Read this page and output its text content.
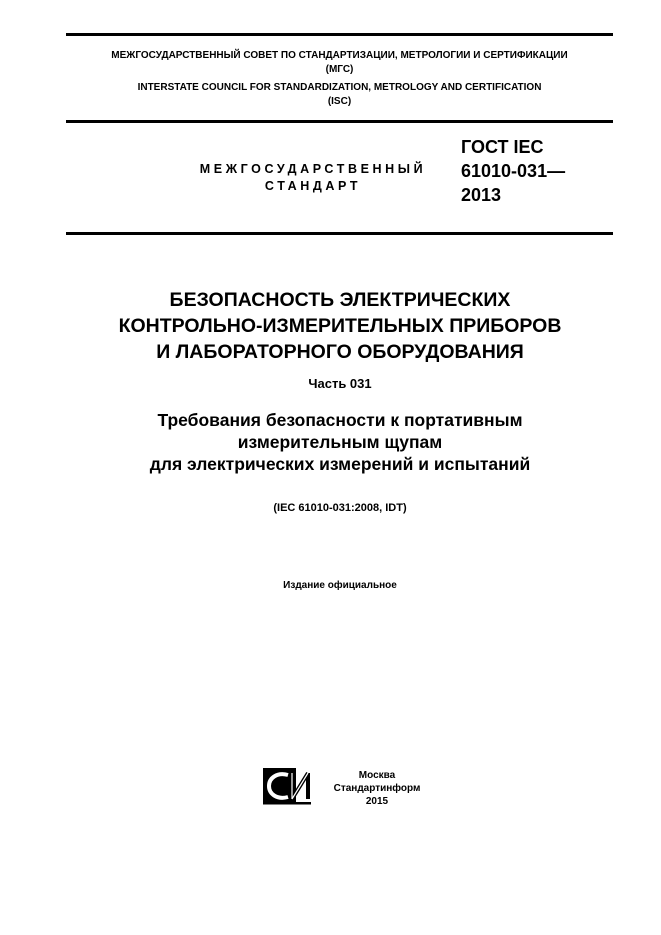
МЕЖГОСУДАРСТВЕННЫЙ СОВЕТ ПО СТАНДАРТИЗАЦИИ, МЕТРОЛОГИИ И СЕРТИФИКАЦИИ
(МГС)
INTERSTATE COUNCIL FOR STANDARDIZATION, METROLOGY AND CERTIFICATION
(ISC)
МЕЖГОСУДАРСТВЕННЫЙ
СТАНДАРТ
ГОСТ IEC
61010-031—
2013
БЕЗОПАСНОСТЬ ЭЛЕКТРИЧЕСКИХ
КОНТРОЛЬНО-ИЗМЕРИТЕЛЬНЫХ ПРИБОРОВ
И ЛАБОРАТОРНОГО ОБОРУДОВАНИЯ
Часть 031
Требования безопасности к портативным
измерительным щупам
для электрических измерений и испытаний
(IEC 61010-031:2008, IDT)
Издание официальное
Москва
Стандартинформ
2015
